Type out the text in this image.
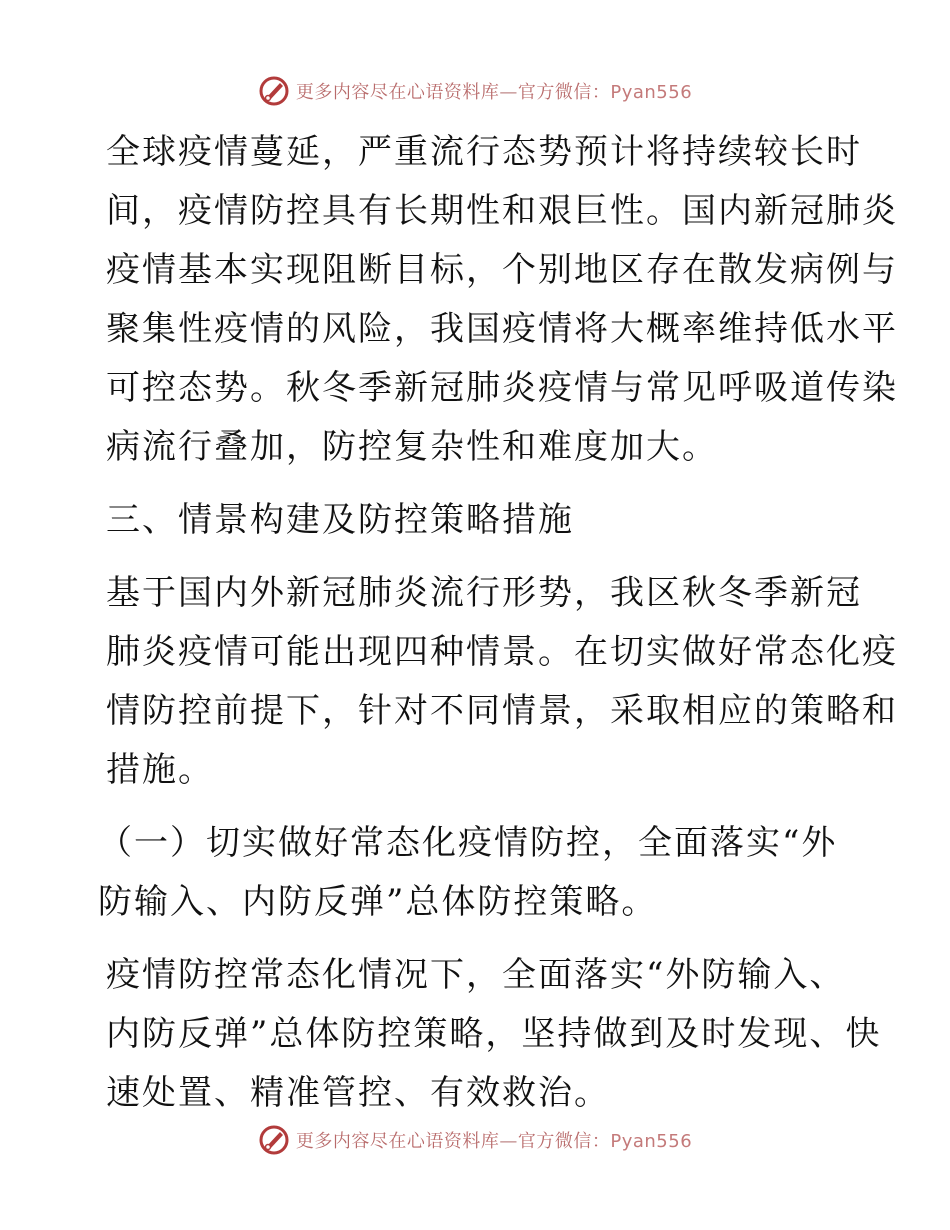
更多内容尽在心语资料库—官方微信：Pyan556

全球疫情蔓延，严重流行态势预计将持续较长时
间，疫情防控具有长期性和艰巨性。国内新冠肺炎
疫情基本实现阻断目标，个别地区存在散发病例与
聚集性疫情的风险，我国疫情将大概率维持低水平
可控态势。秋冬季新冠肺炎疫情与常见呼吸道传染
病流行叠加，防控复杂性和难度加大。

三、情景构建及防控策略措施

基于国内外新冠肺炎流行形势，我区秋冬季新冠
肺炎疫情可能出现四种情景。在切实做好常态化疫
情防控前提下，针对不同情景，采取相应的策略和
措施。

（一）切实做好常态化疫情防控，全面落实“外
防输入、内防反弹”总体防控策略。

疫情防控常态化情况下，全面落实“外防输入、
内防反弹”总体防控策略，坚持做到及时发现、快
速处置、精准管控、有效救治。

更多内容尽在心语资料库—官方微信：Pyan556
